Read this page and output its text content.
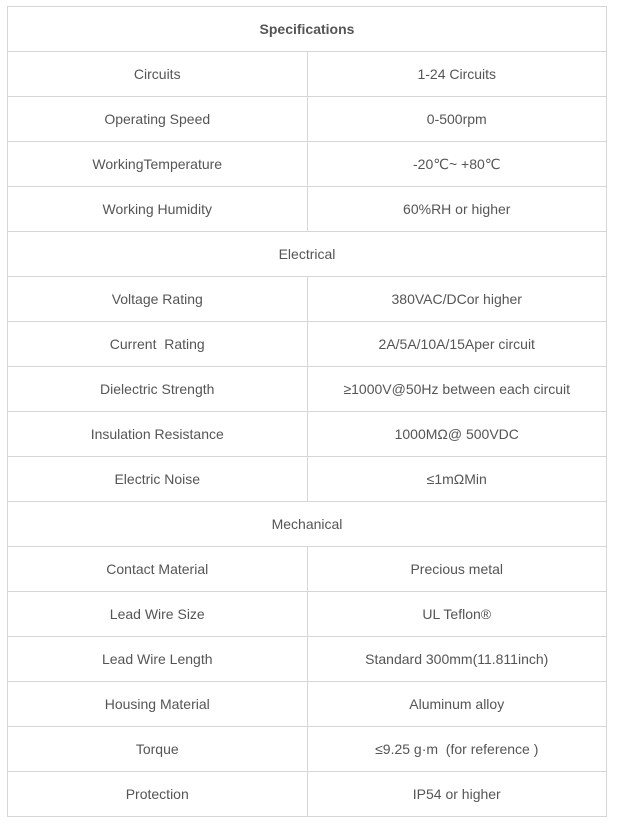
Specifications	
Circuits	1-24 Circuits
Operating Speed	0-500rpm
WorkingTemperature	-20℃~ +80℃
Working Humidity	60%RH or higher
Electrical	
Voltage Rating	380VAC/DCor higher
Current  Rating	2A/5A/10A/15Aper circuit
Dielectric Strength	≥1000V@50Hz between each circuit
Insulation Resistance	1000MΩ@ 500VDC
Electric Noise	≤1mΩMin
Mechanical	
Contact Material	Precious metal
Lead Wire Size	UL Teflon®
Lead Wire Length	Standard 300mm(11.811inch)
Housing Material	Aluminum alloy
Torque	≤9.25 g·m  (for reference )
Protection	IP54 or higher
